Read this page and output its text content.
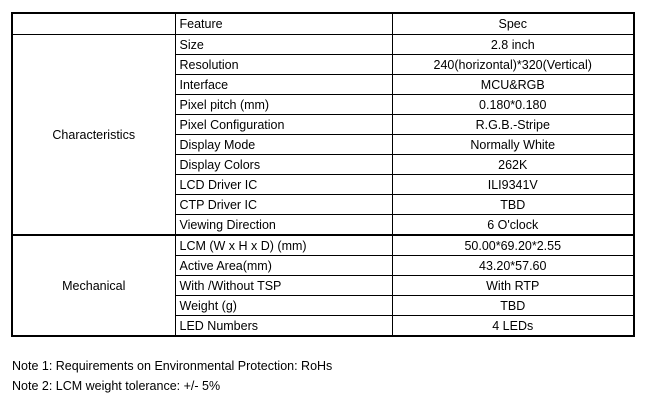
	Feature	Spec
Characteristics	Size	2.8 inch
	Resolution	240(horizontal)*320(Vertical)
	Interface	MCU&RGB
	Pixel pitch (mm)	0.180*0.180
	Pixel Configuration	R.G.B.-Stripe
	Display Mode	Normally White
	Display Colors	262K
	LCD Driver IC	ILI9341V
	CTP Driver IC	TBD
	Viewing Direction	6 O'clock
Mechanical	LCM (W x H x D) (mm)	50.00*69.20*2.55
	Active Area(mm)	43.20*57.60
	With /Without TSP	With RTP
	Weight (g)	TBD
	LED Numbers	4 LEDs
Note 1: Requirements on Environmental Protection: RoHs
Note 2: LCM weight tolerance: +/- 5%
